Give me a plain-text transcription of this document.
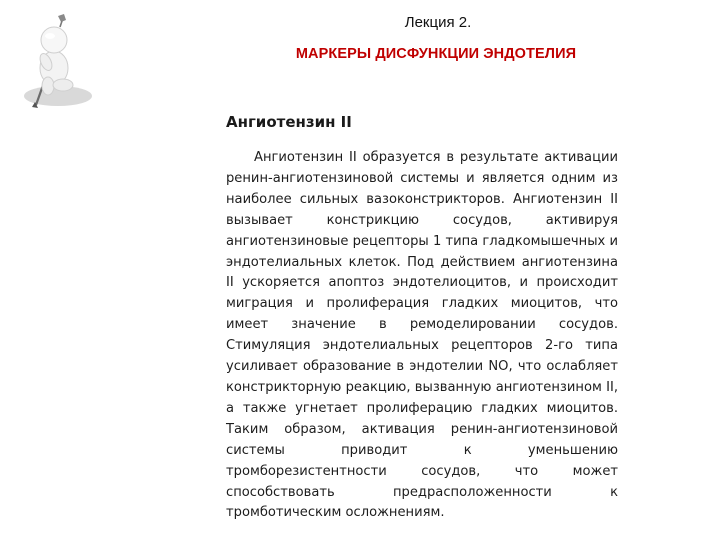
Лекция 2.
МАРКЕРЫ ДИСФУНКЦИИ ЭНДОТЕЛИЯ
Ангиотензин II

Ангиотензин II образуется в результате активации ренин-ангиотензиновой системы и является одним из наиболее сильных вазоконстрикторов. Ангиотензин II вызывает констрикцию сосудов, активируя ангиотензиновые рецепторы 1 типа гладкомышечных и эндотелиальных клеток. Под действием ангиотензина II ускоряется апоптоз эндотелиоцитов, и происходит миграция и пролиферация гладких миоцитов, что имеет значение в ремоделировании сосудов. Стимуляция эндотелиальных рецепторов 2-го типа усиливает образование в эндотелии NO, что ослабляет констрикторную реакцию, вызванную ангиотензином II, а также угнетает пролиферацию гладких миоцитов. Таким образом, активация ренин-ангиотензиновой системы приводит к уменьшению тромборезистентности сосудов, что может способствовать предрасположенности к тромботическим осложнениям.
